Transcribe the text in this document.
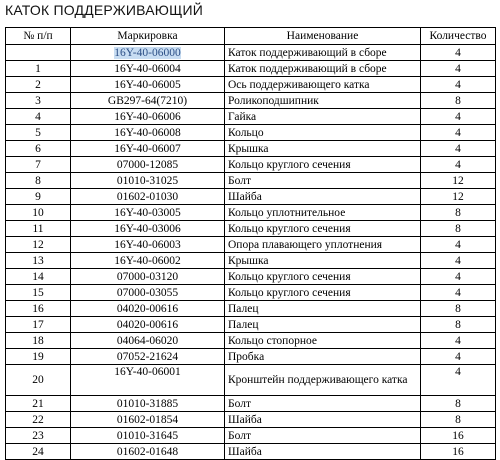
КАТОК ПОДДЕРЖИВАЮЩИЙ
№ п/п	Маркировка	Наименование	Количество
	16Y-40-06000	Каток поддерживающий в сборе	4
1	16Y-40-06004	Каток поддерживающий в сборе	4
2	16Y-40-06005	Ось поддерживающего катка	4
3	GB297-64(7210)	Роликоподшипник	8
4	16Y-40-06006	Гайка	4
5	16Y-40-06008	Кольцо	4
6	16Y-40-06007	Крышка	4
7	07000-12085	Кольцо круглого сечения	4
8	01010-31025	Болт	12
9	01602-01030	Шайба	12
10	16Y-40-03005	Кольцо уплотнительное	8
11	16Y-40-03006	Кольцо круглого сечения	8
12	16Y-40-06003	Опора плавающего уплотнения	4
13	16Y-40-06002	Крышка	4
14	07000-03120	Кольцо круглого сечения	4
15	07000-03055	Кольцо круглого сечения	4
16	04020-00616	Палец	8
17	04020-00616	Палец	8
18	04064-06020	Кольцо стопорное	4
19	07052-21624	Пробка	4
20	16Y-40-06001	Кронштейн поддерживающего катка	4
21	01010-31885	Болт	8
22	01602-01854	Шайба	8
23	01010-31645	Болт	16
24	01602-01648	Шайба	16
